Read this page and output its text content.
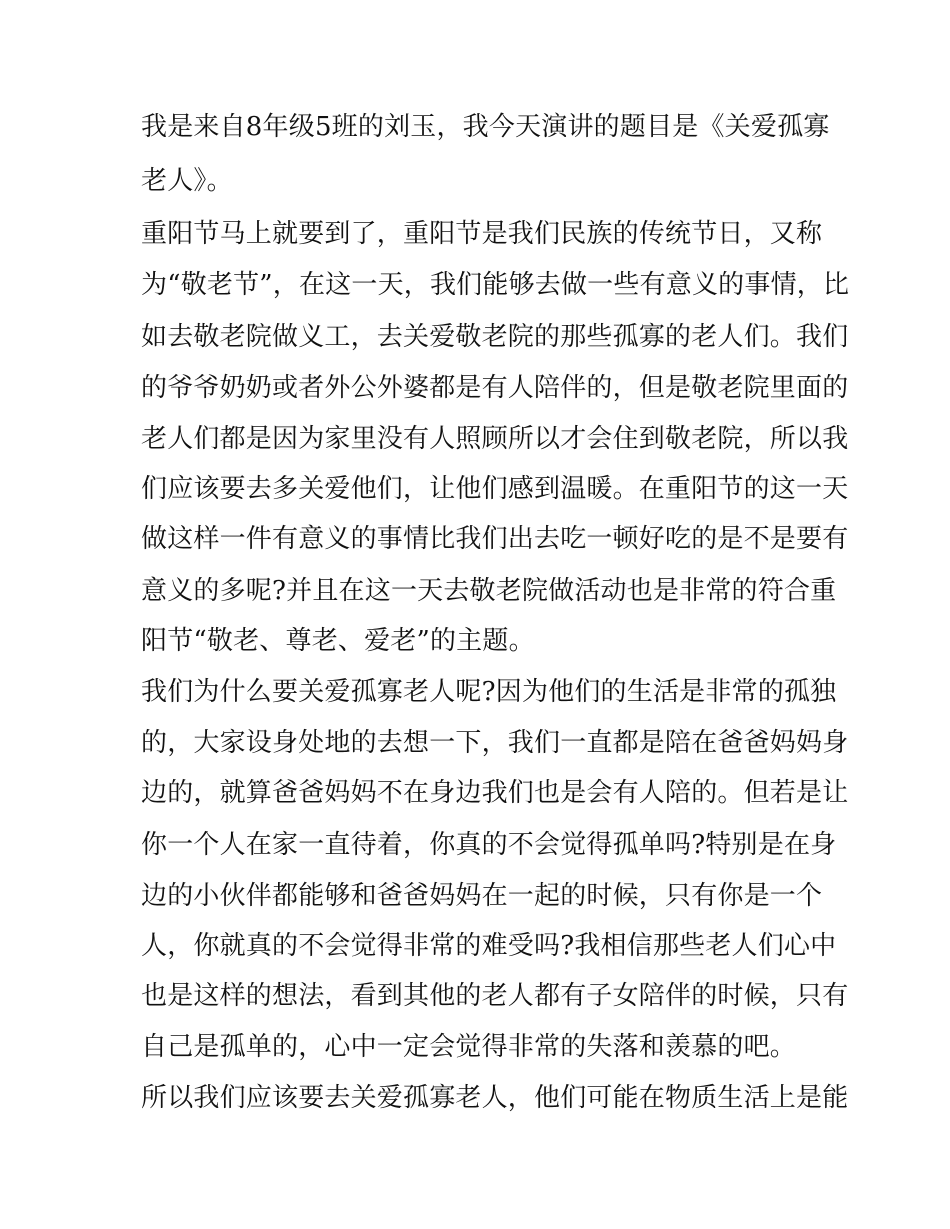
我是来自8年级5班的刘玉，我今天演讲的题目是《关爱孤寡
老人》。
重阳节马上就要到了，重阳节是我们民族的传统节日，又称
为“敬老节”，在这一天，我们能够去做一些有意义的事情，比
如去敬老院做义工，去关爱敬老院的那些孤寡的老人们。我们
的爷爷奶奶或者外公外婆都是有人陪伴的，但是敬老院里面的
老人们都是因为家里没有人照顾所以才会住到敬老院，所以我
们应该要去多关爱他们，让他们感到温暖。在重阳节的这一天
做这样一件有意义的事情比我们出去吃一顿好吃的是不是要有
意义的多呢?并且在这一天去敬老院做活动也是非常的符合重
阳节“敬老、尊老、爱老”的主题。
我们为什么要关爱孤寡老人呢?因为他们的生活是非常的孤独
的，大家设身处地的去想一下，我们一直都是陪在爸爸妈妈身
边的，就算爸爸妈妈不在身边我们也是会有人陪的。但若是让
你一个人在家一直待着，你真的不会觉得孤单吗?特别是在身
边的小伙伴都能够和爸爸妈妈在一起的时候，只有你是一个
人，你就真的不会觉得非常的难受吗?我相信那些老人们心中
也是这样的想法，看到其他的老人都有子女陪伴的时候，只有
自己是孤单的，心中一定会觉得非常的失落和羡慕的吧。
所以我们应该要去关爱孤寡老人，他们可能在物质生活上是能
